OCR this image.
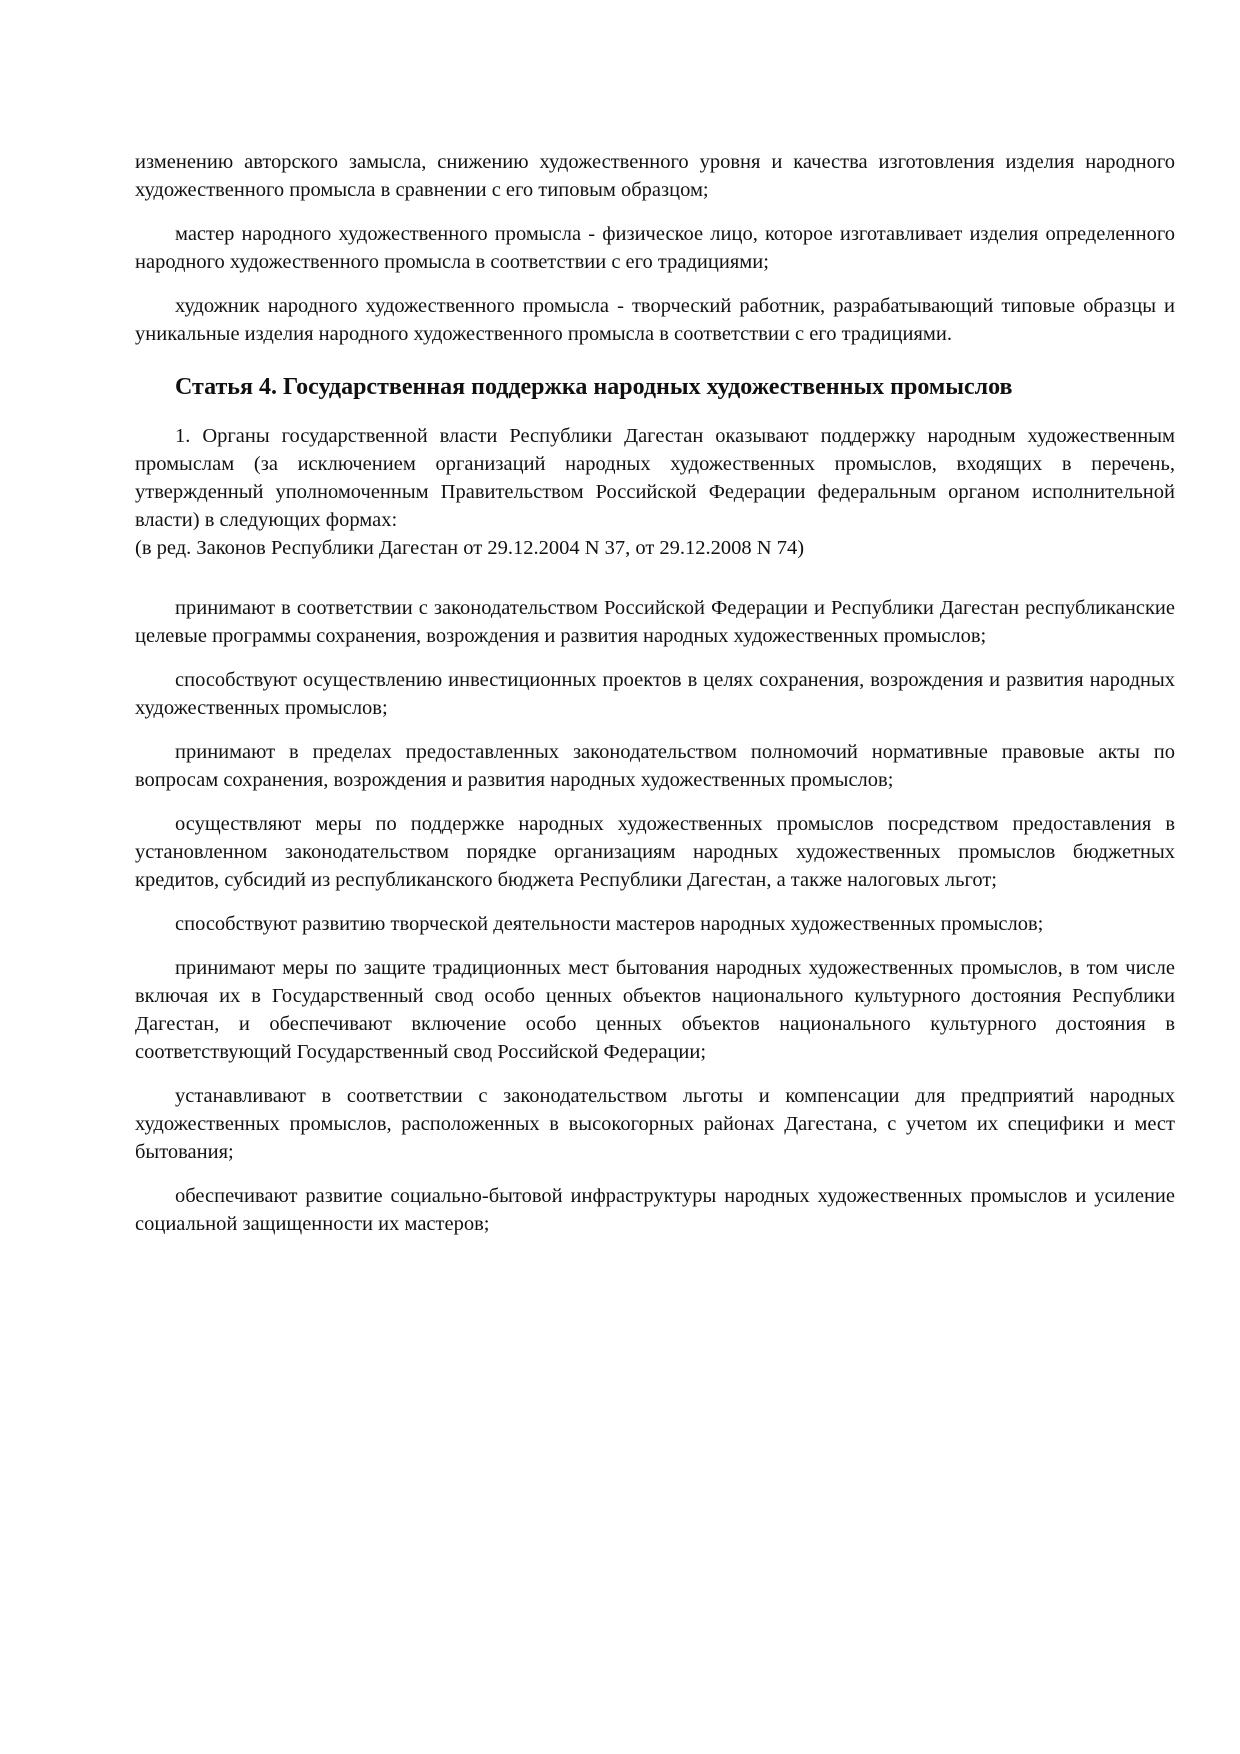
изменению авторского замысла, снижению художественного уровня и качества изготовления изделия народного художественного промысла в сравнении с его типовым образцом;

мастер народного художественного промысла - физическое лицо, которое изготавливает изделия определенного народного художественного промысла в соответствии с его традициями;

художник народного художественного промысла - творческий работник, разрабатывающий типовые образцы и уникальные изделия народного художественного промысла в соответствии с его традициями.

Статья 4. Государственная поддержка народных художественных промыслов

1. Органы государственной власти Республики Дагестан оказывают поддержку народным художественным промыслам (за исключением организаций народных художественных промыслов, входящих в перечень, утвержденный уполномоченным Правительством Российской Федерации федеральным органом исполнительной власти) в следующих формах:

(в ред. Законов Республики Дагестан от 29.12.2004 N 37, от 29.12.2008 N 74)

принимают в соответствии с законодательством Российской Федерации и Республики Дагестан республиканские целевые программы сохранения, возрождения и развития народных художественных промыслов;

способствуют осуществлению инвестиционных проектов в целях сохранения, возрождения и развития народных художественных промыслов;

принимают в пределах предоставленных законодательством полномочий нормативные правовые акты по вопросам сохранения, возрождения и развития народных художественных промыслов;

осуществляют меры по поддержке народных художественных промыслов посредством предоставления в установленном законодательством порядке организациям народных художественных промыслов бюджетных кредитов, субсидий из республиканского бюджета Республики Дагестан, а также налоговых льгот;

способствуют развитию творческой деятельности мастеров народных художественных промыслов;

принимают меры по защите традиционных мест бытования народных художественных промыслов, в том числе включая их в Государственный свод особо ценных объектов национального культурного достояния Республики Дагестан, и обеспечивают включение особо ценных объектов национального культурного достояния в соответствующий Государственный свод Российской Федерации;

устанавливают в соответствии с законодательством льготы и компенсации для предприятий народных художественных промыслов, расположенных в высокогорных районах Дагестана, с учетом их специфики и мест бытования;

обеспечивают развитие социально-бытовой инфраструктуры народных художественных промыслов и усиление социальной защищенности их мастеров;
